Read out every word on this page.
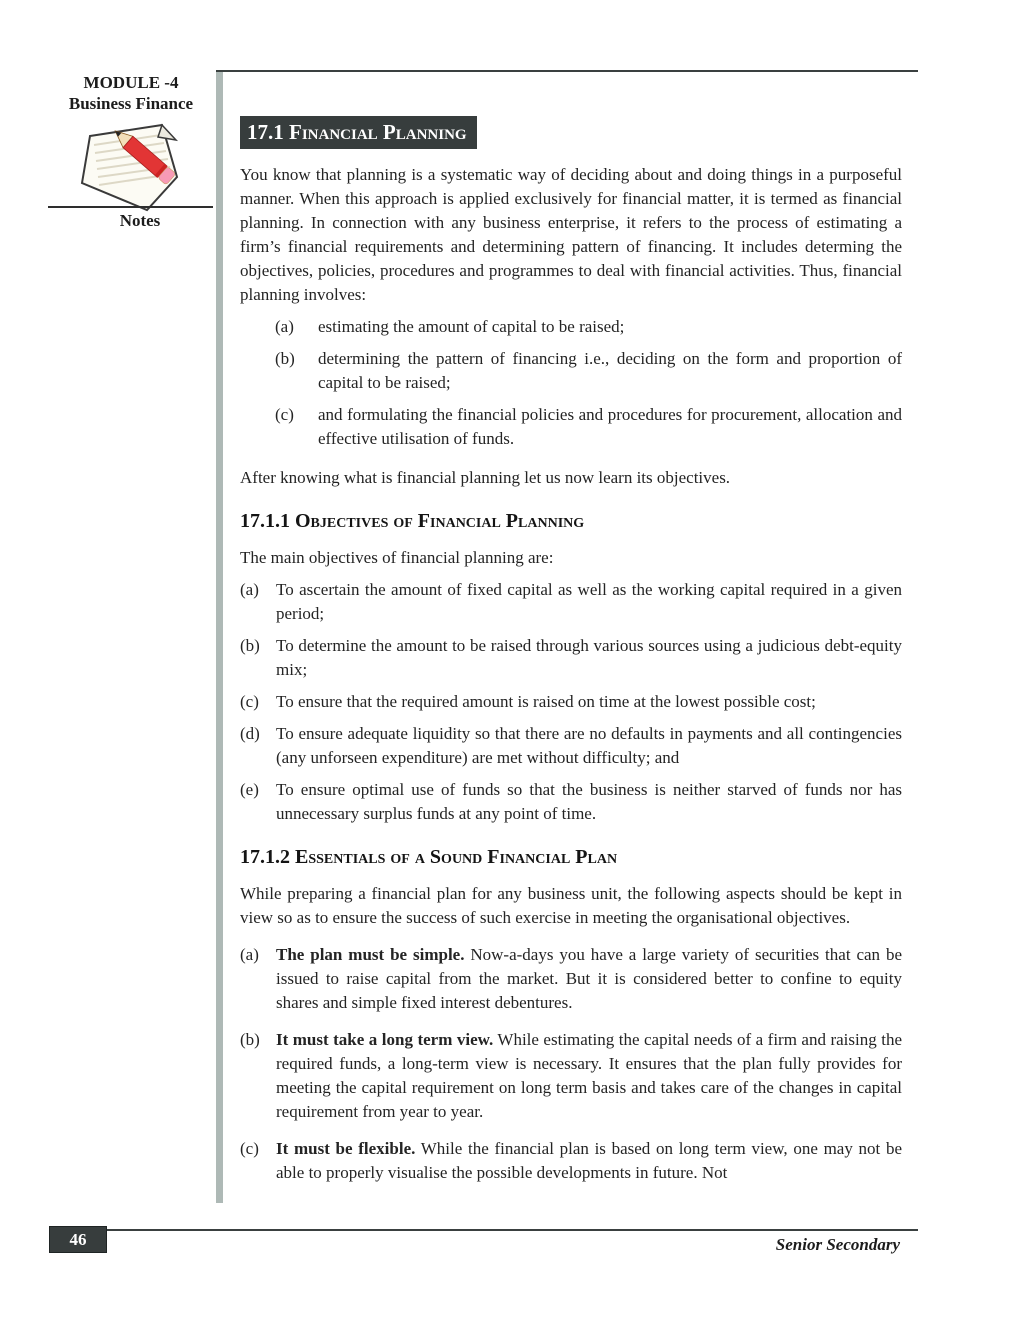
MODULE -4
Business Finance
Notes
17.1 Financial Planning

You know that planning is a systematic way of deciding about and doing things in a purposeful manner. When this approach is applied exclusively for financial matter, it is termed as financial planning. In connection with any business enterprise, it refers to the process of estimating a firm’s financial requirements and determining pattern of financing. It includes determing the objectives, policies, procedures and programmes to deal with financial activities. Thus, financial planning involves:

(a)	estimating the amount of capital to be raised;
(b)	determining the pattern of financing i.e., deciding on the form and proportion of capital to be raised;
(c)	and formulating the financial policies and procedures for procurement, allocation and effective utilisation of funds.

After knowing what is financial planning let us now learn its objectives.

17.1.1 Objectives of Financial Planning

The main objectives of financial planning are:

(a)	To ascertain the amount of fixed capital as well as the working capital required in a given period;
(b) To determine the amount to be raised through various sources using a judicious debt-equity mix;
(c)	To ensure that the required amount is raised on time at the lowest possible cost;
(d) To ensure adequate liquidity so that there are no defaults in payments and all contingencies (any unforseen expenditure) are met without difficulty; and
(e)	To ensure optimal use of funds so that the business is neither starved of funds nor has unnecessary surplus funds at any point of time.
17.1.2 Essentials of a Sound Financial Plan

While preparing a financial plan for any business unit, the following aspects should be kept in view so as to ensure the success of such exercise in meeting the organisational objectives.

(a)	The plan must be simple. Now-a-days you have a large variety of securities that can be issued to raise capital from the market. But it is considered better to confine to equity shares and simple fixed interest debentures.
(b) It must take a long term view. While estimating the capital needs of a firm and raising the required funds, a long-term view is necessary. It ensures that the plan fully provides for meeting the capital requirement on long term basis and takes care of the changes in capital requirement from year to year.
(c)	It must be flexible. While the financial plan is based on long term view, one may not be able to properly visualise the possible developments in future. Not
46	Senior Secondary
